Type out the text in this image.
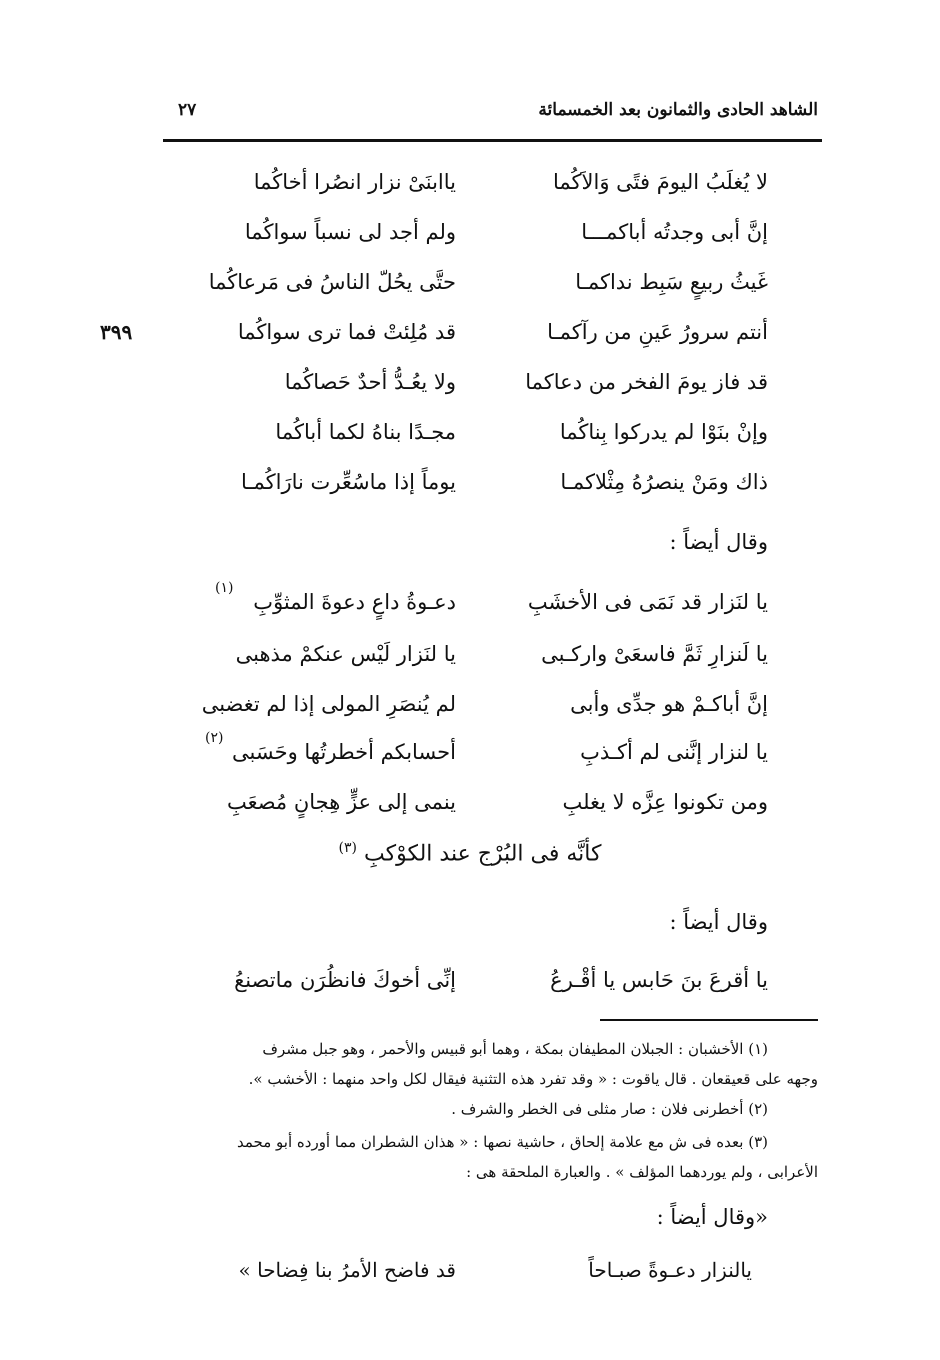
الشاهد الحادى والثمانون بعد الخمسمائة
٢٧
٣٩٩
لا يُغلَبُ اليومَ فتًى وَالاَكُما
ياابنَىْ نزار انصُرا أخاكُما
إنَّ أبى وجدتُه أباكمـــا
ولم أجد لى نسباً سواكُما
غَيثُ ربيعٍ سَبِط نداكمـا
حتَّى يحُلّ الناسُ فى مَرعاكُما
أنتم سرورُ عَينِ من رآكمـا
قد مُلِئتْ فما ترى سواكُما
قد فاز يومَ الفخر من دعاكما
ولا يعُـدُّ أحدٌ حَصاكُما
وإنْ بنَوْا لم يدركوا بِناكُما
مجـدًا بناهُ لكما أباكُما
ذاك ومَنْ ينصرُهُ مِثْلاكمـا
يوماً إذا ماسُعِّرت نارَاكُمـا
وقال أيضاً :
يا لنَزار قد نَمَى فى الأخشَبِ
دعـوةُ داعٍ دعوةَ المثوِّبِ
(١)
يا لَنزارِ ثَمَّ فاسعَىْ واركـبى
يا لنَزار لَيْس عنكمْ مذهبى
إنَّ أباكـمْ هو جدِّى وأبى
لم يُنصَرِ المولى إذا لم تغضبى
يا لنزار إنَّنى لم أكـذبِ
أحسابكم أخطرتُها وحَسَبى
(٢)
ومن تكونوا عِزَّه لا يغلبِ
ينمى إلى عزٍّ هِجانٍ مُصعَبِ
كأنَّه فى البُرْج عند الكوْكبِ $^{(٣)}$
وقال أيضاً :
يا أقرعَ بنَ حَابس يا أقْـرعُ
إنِّى أخوكَ فانظُرَن ماتصنعُ
(١) الأخشبان : الجبلان المطيفان بمكة ، وهما أبو قبيس والأحمر ، وهو جبل مشرف
وجهه على قعيقعان . قال ياقوت : « وقد تفرد هذه التثنية فيقال لكل واحد منهما : الأخشب ».
(٢) أخطرنى فلان : صار مثلى فى الخطر والشرف .
(٣) بعده فى ش مع علامة إلحاق ، حاشية نصها : « هذان الشطران مما أورده أبو محمد
الأعرابى ، ولم يوردهما المؤلف » . والعبارة الملحقة هى :
«وقال أيضاً :
يالنزار دعـوةً صبـاحاً
قد فاضح الأمرُ بنا فِضاحا »
